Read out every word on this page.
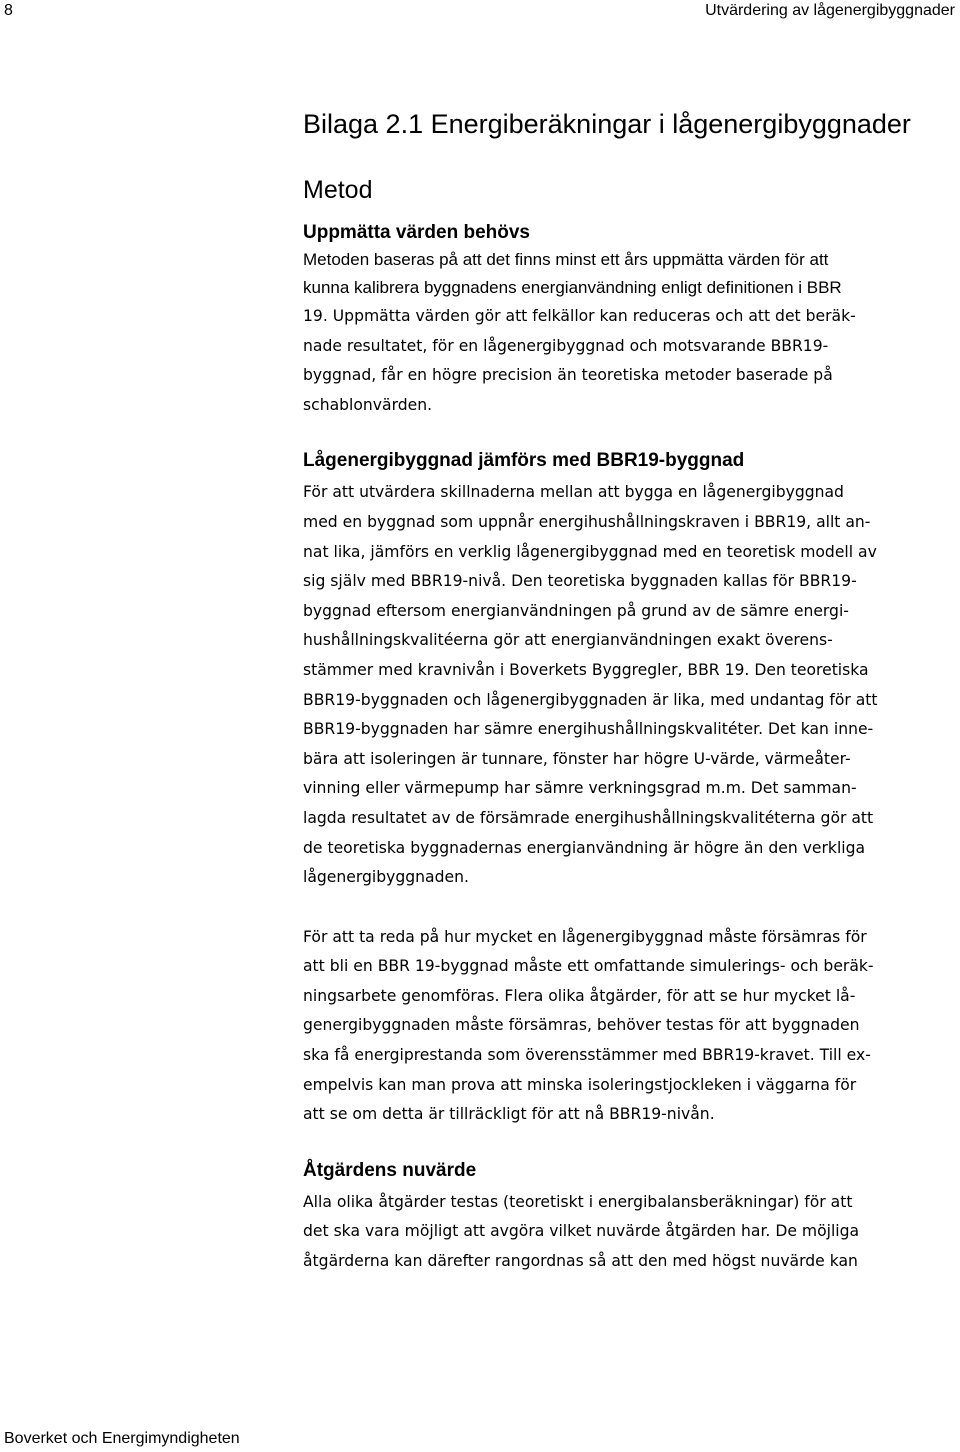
8	Utvärdering av lågenergibyggnader
Bilaga 2.1 Energiberäkningar i lågenergibyggnader
Metod
Uppmätta värden behövs

Metoden baseras på att det finns minst ett års uppmätta värden för att
kunna kalibrera byggnadens energianvändning enligt definitionen i BBR

19. Uppmätta värden gör att felkällor kan reduceras och att det beräk-
nade resultatet, för en lågenergibyggnad och motsvarande BBR19-
byggnad, får en högre precision än teoretiska metoder baserade på
schablonvärden.

Lågenergibyggnad jämförs med BBR19-byggnad

För att utvärdera skillnaderna mellan att bygga en lågenergibyggnad
med en byggnad som uppnår energihushållningskraven i BBR19, allt an-
nat lika, jämförs en verklig lågenergibyggnad med en teoretisk modell av
sig själv med BBR19-nivå. Den teoretiska byggnaden kallas för BBR19-
byggnad eftersom energianvändningen på grund av de sämre energi-
hushållningskvalitéerna gör att energianvändningen exakt överens-
stämmer med kravnivån i Boverkets Byggregler, BBR 19. Den teoretiska
BBR19-byggnaden och lågenergibyggnaden är lika, med undantag för att
BBR19-byggnaden har sämre energihushållningskvalitéter. Det kan inne-
bära att isoleringen är tunnare, fönster har högre U-värde, värmeåter-
vinning eller värmepump har sämre verkningsgrad m.m. Det samman-
lagda resultatet av de försämrade energihushållningskvalitéterna gör att
de teoretiska byggnadernas energianvändning är högre än den verkliga
lågenergibyggnaden.

För att ta reda på hur mycket en lågenergibyggnad måste försämras för
att bli en BBR 19-byggnad måste ett omfattande simulerings- och beräk-
ningsarbete genomföras. Flera olika åtgärder, för att se hur mycket lå-
genergibyggnaden måste försämras, behöver testas för att byggnaden
ska få energiprestanda som överensstämmer med BBR19-kravet. Till ex-
empelvis kan man prova att minska isoleringstjockleken i väggarna för
att se om detta är tillräckligt för att nå BBR19-nivån.

Åtgärdens nuvärde

Alla olika åtgärder testas (teoretiskt i energibalansberäkningar) för att
det ska vara möjligt att avgöra vilket nuvärde åtgärden har. De möjliga
åtgärderna kan därefter rangordnas så att den med högst nuvärde kan

Boverket och Energimyndigheten
